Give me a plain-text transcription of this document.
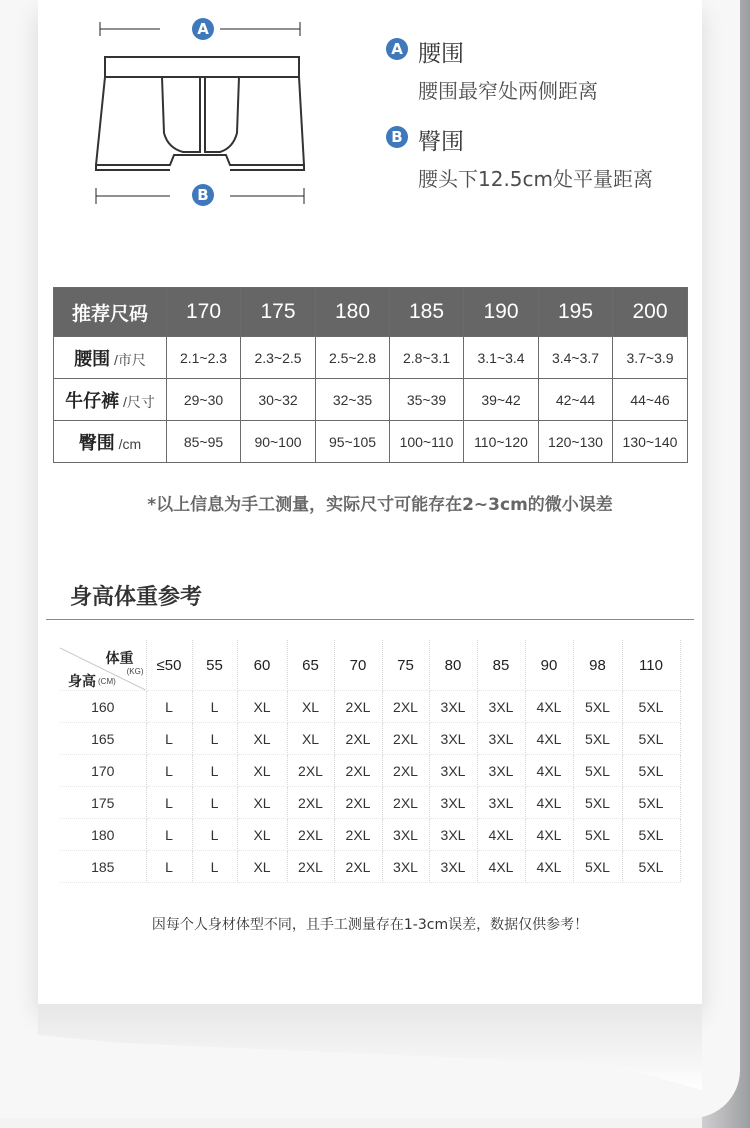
A
B
A 腰围
腰围最窄处两侧距离
B 臀围
腰头下12.5cm处平量距离
推荐尺码	170	175	180	185	190	195	200
腰围 /市尺	2.1~2.3	2.3~2.5	2.5~2.8	2.8~3.1	3.1~3.4	3.4~3.7	3.7~3.9
牛仔裤 /尺寸	29~30	30~32	32~35	35~39	39~42	42~44	44~46
臀围 /cm	85~95	90~100	95~105	100~110	110~120	120~130	130~140
*以上信息为手工测量，实际尺寸可能存在2~3cm的微小误差
身高体重参考
体重
(KG)
身高 (CM)	≤50	55	60	65	70	75	80	85	90	98	110
160	L	L	XL	XL	2XL	2XL	3XL	3XL	4XL	5XL	5XL
165	L	L	XL	XL	2XL	2XL	3XL	3XL	4XL	5XL	5XL
170	L	L	XL	2XL	2XL	2XL	3XL	3XL	4XL	5XL	5XL
175	L	L	XL	2XL	2XL	2XL	3XL	3XL	4XL	5XL	5XL
180	L	L	XL	2XL	2XL	3XL	3XL	4XL	4XL	5XL	5XL
185	L	L	XL	2XL	2XL	3XL	3XL	4XL	4XL	5XL	5XL
因每个人身材体型不同，且手工测量存在1-3cm误差，数据仅供参考！
